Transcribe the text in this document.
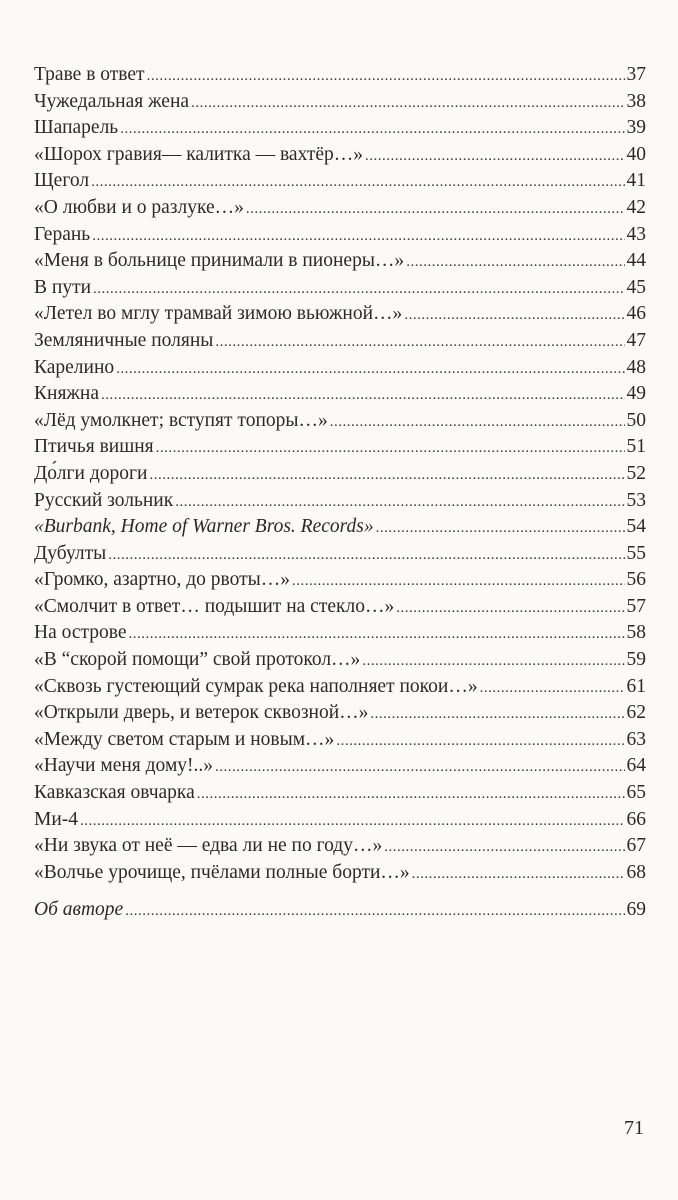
Траве в ответ .....	37
Чужедальная жена .....	38
Шапарель .....	39
«Шорох гравия— калитка — вахтёр…» .....	40
Щегол .....	41
«О любви и о разлуке…» .....	42
Герань .....	43
«Меня в больнице принимали в пионеры…» .....	44
В пути .....	45
«Летел во мглу трамвай зимою вьюжной…» .....	46
Земляничные поляны .....	47
Карелино .....	48
Княжна .....	49
«Лёд умолкнет; вступят топоры…» .....	50
Птичья вишня .....	51
До́лги дороги .....	52
Русский зольник .....	53
«Burbank, Home of Warner Bros. Records» .....	54
Дубулты .....	55
«Громко, азартно, до рвоты…» .....	56
«Смолчит в ответ… подышит на стекло…» .....	57
На острове .....	58
«В “скорой помощи” свой протокол…» .....	59
«Сквозь густеющий сумрак река наполняет покои…» .....	61
«Открыли дверь, и ветерок сквозной…» .....	62
«Между светом старым и новым…» .....	63
«Научи меня дому!..» .....	64
Кавказская овчарка .....	65
Ми-4 .....	66
«Ни звука от неё — едва ли не по году…» .....	67
«Волчье урочище, пчёлами полные борти…» .....	68
Об авторе .....	69
71
